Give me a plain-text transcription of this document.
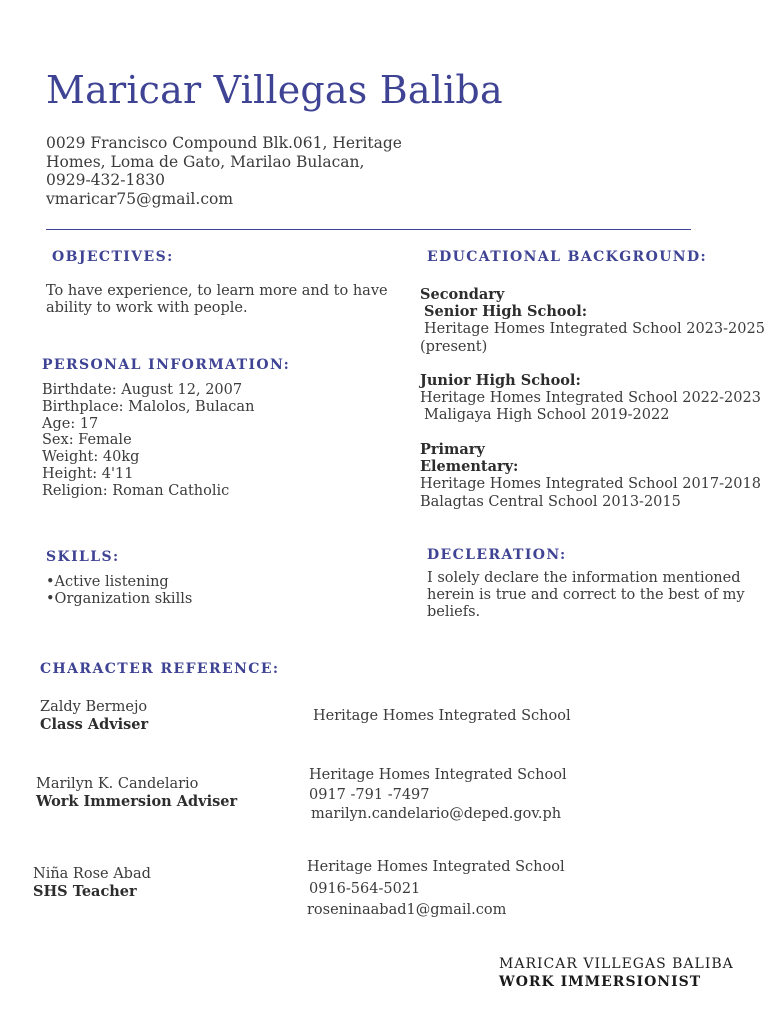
Maricar Villegas Baliba
0029 Francisco Compound Blk.061, Heritage
Homes, Loma de Gato, Marilao Bulacan,
0929-432-1830
vmaricar75@gmail.com
OBJECTIVES:
To have experience, to learn more and to have
ability to work with people.
EDUCATIONAL BACKGROUND:
Secondary
Senior High School:
Heritage Homes Integrated School 2023-2025
(present)
Junior High School:
Heritage Homes Integrated School 2022-2023
Maligaya High School 2019-2022
Primary
Elementary:
Heritage Homes Integrated School 2017-2018
Balagtas Central School 2013-2015
PERSONAL INFORMATION:
Birthdate: August 12, 2007
Birthplace: Malolos, Bulacan
Age: 17
Sex: Female
Weight: 40kg
Height: 4'11
Religion: Roman Catholic
SKILLS:
•Active listening
•Organization skills
DECLERATION:
I solely declare the information mentioned
herein is true and correct to the best of my
beliefs.
CHARACTER REFERENCE:
Zaldy Bermejo
Class Adviser	Heritage Homes Integrated School
Marilyn K. Candelario
Work Immersion Adviser
Heritage Homes Integrated School
0917 -791 -7497
marilyn.candelario@deped.gov.ph
Niña Rose Abad
SHS Teacher
Heritage Homes Integrated School
0916-564-5021
roseninaabad1@gmail.com
MARICAR VILLEGAS BALIBA
WORK IMMERSIONIST
